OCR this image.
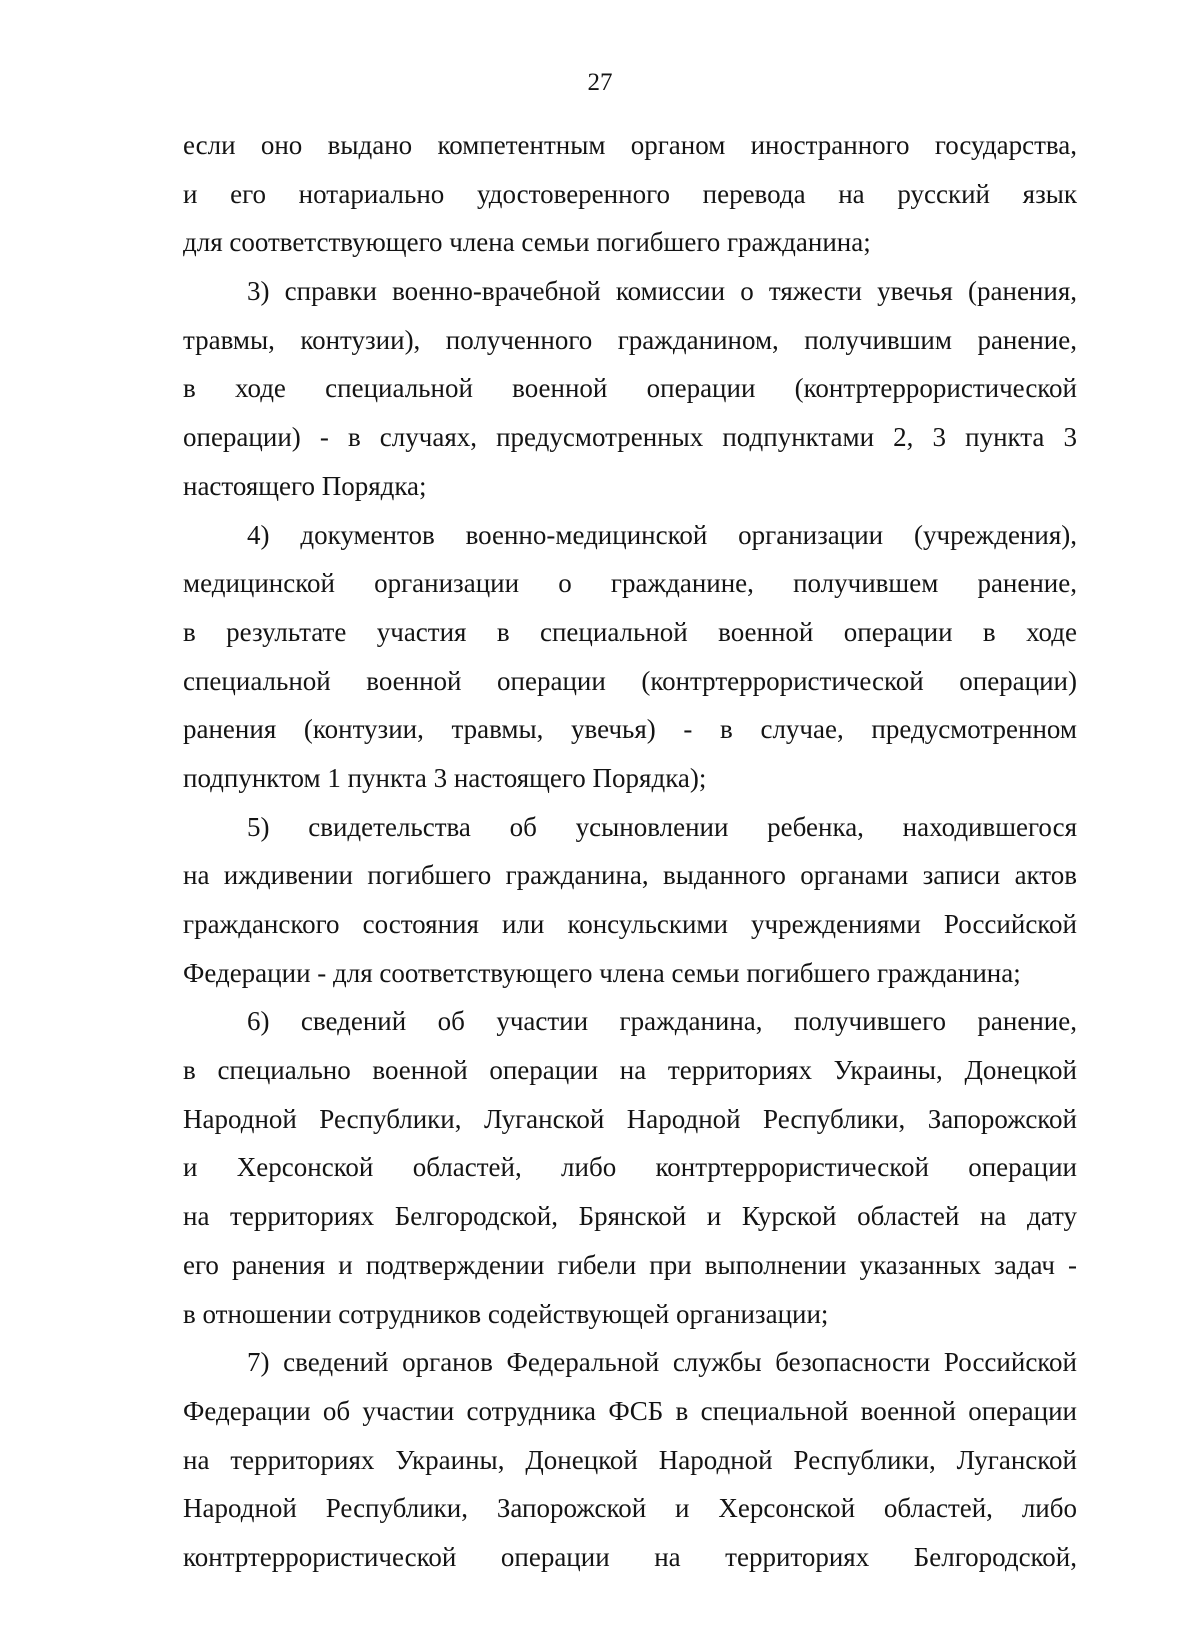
27
если оно выдано компетентным органом иностранного государства,
и его нотариально удостоверенного перевода на русский язык
для соответствующего члена семьи погибшего гражданина;
3) справки военно-врачебной комиссии о тяжести увечья (ранения,
травмы, контузии), полученного гражданином, получившим ранение,
в ходе специальной военной операции (контртеррористической
операции) - в случаях, предусмотренных подпунктами 2, 3 пункта 3
настоящего Порядка;
4) документов военно-медицинской организации (учреждения),
медицинской организации о гражданине, получившем ранение,
в результате участия в специальной военной операции в ходе
специальной военной операции (контртеррористической операции)
ранения (контузии, травмы, увечья) - в случае, предусмотренном
подпунктом 1 пункта 3 настоящего Порядка);
5) свидетельства об усыновлении ребенка, находившегося
на иждивении погибшего гражданина, выданного органами записи актов
гражданского состояния или консульскими учреждениями Российской
Федерации - для соответствующего члена семьи погибшего гражданина;
6) сведений об участии гражданина, получившего ранение,
в специально военной операции на территориях Украины, Донецкой
Народной Республики, Луганской Народной Республики, Запорожской
и Херсонской областей, либо контртеррористической операции
на территориях Белгородской, Брянской и Курской областей на дату
его ранения и подтверждении гибели при выполнении указанных задач -
в отношении сотрудников содействующей организации;
7) сведений органов Федеральной службы безопасности Российской
Федерации об участии сотрудника ФСБ в специальной военной операции
на территориях Украины, Донецкой Народной Республики, Луганской
Народной Республики, Запорожской и Херсонской областей, либо
контртеррористической операции на территориях Белгородской,
